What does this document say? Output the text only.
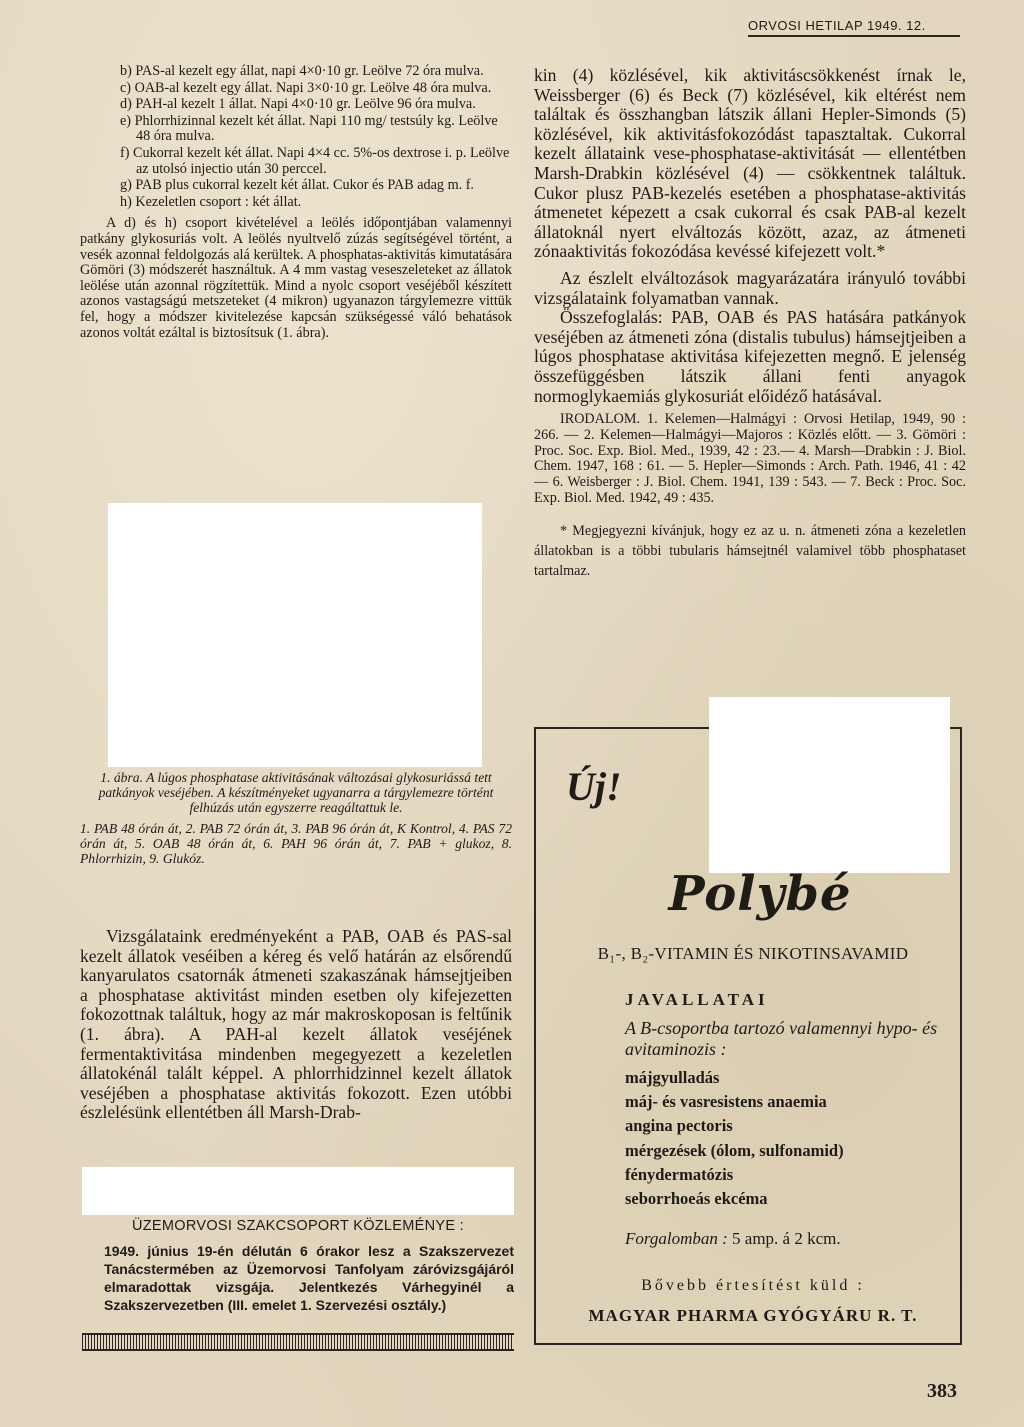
ORVOSI HETILAP 1949. 12.

b) PAS-al kezelt egy állat, napi 4×0·10 gr. Leölve 72 óra mulva.

c) OAB-al kezelt egy állat. Napi 3×0·10 gr. Leölve 48 óra mulva.

d) PAH-al kezelt 1 állat. Napi 4×0·10 gr. Leölve 96 óra mulva.

e) Phlorrhizinnal kezelt két állat. Napi 110 mg/ testsúly kg. Leölve 48 óra mulva.

f) Cukorral kezelt két állat. Napi 4×4 cc. 5%-os dextrose i. p. Leölve az utolsó injectio után 30 perccel.

g) PAB plus cukorral kezelt két állat. Cukor és PAB adag m. f.

h) Kezeletlen csoport : két állat.

A d) és h) csoport kivételével a leölés időpontjában valamennyi patkány glykosuriás volt. A leölés nyultvelő zúzás segítségével történt, a vesék azonnal feldolgozás alá kerültek. A phosphatas-aktivitás kimutatására Gömöri (3) módszerét használtuk. A 4 mm vastag veseszeleteket az állatok leölése után azonnal rögzítettük. Mind a nyolc csoport veséjéből készített azonos vastagságú metszeteket (4 mikron) ugyanazon tárgylemezre vittük fel, hogy a módszer kivitelezése kapcsán szükségessé váló behatások azonos voltát ezáltal is biztosítsuk (1. ábra).

1. ábra. A lúgos phosphatase aktivitásának változásai glykosuriássá tett patkányok veséjében. A készítményeket ugyanarra a tárgylemezre történt felhúzás után egyszerre reagáltattuk le.

1. PAB 48 órán át, 2. PAB 72 órán át, 3. PAB 96 órán át, K Kontrol, 4. PAS 72 órán át, 5. OAB 48 órán át, 6. PAH 96 órán át, 7. PAB + glukoz, 8. Phlorrhizin, 9. Glukóz.

Vizsgálataink eredményeként a PAB, OAB és PAS-sal kezelt állatok veséiben a kéreg és velő határán az elsőrendű kanyarulatos csatornák átmeneti szakaszának hámsejtjeiben a phosphatase aktivitást minden esetben oly kifejezetten fokozottnak találtuk, hogy az már makroskoposan is feltűnik (1. ábra). A PAH-al kezelt állatok veséjének fermentaktivitása mindenben megegyezett a kezeletlen állatokénál talált képpel. A phlorrhidzinnel kezelt állatok veséjében a phosphatase aktivitás fokozott. Ezen utóbbi észlelésünk ellentétben áll Marsh-Drab-

ÜZEMORVOSI SZAKCSOPORT KÖZLEMÉNYE :

1949. június 19-én délután 6 órakor lesz a Szakszervezet Tanácstermében az Üzemorvosi Tanfolyam záróvizsgájáról elmaradottak vizsgája. Jelentkezés Várhegyinél a Szakszervezetben (III. emelet 1. Szervezési osztály.)

kin (4) közlésével, kik aktivitáscsökkenést írnak le, Weissberger (6) és Beck (7) közlésével, kik eltérést nem találtak és összhangban látszik állani Hepler-Simonds (5) közlésével, kik aktivitásfokozódást tapasztaltak. Cukorral kezelt állataink vese-phosphatase-aktivitását — ellentétben Marsh-Drabkin közlésével (4) — csökkentnek találtuk. Cukor plusz PAB-kezelés esetében a phosphatase-aktivitás átmenetet képezett a csak cukorral és csak PAB-al kezelt állatoknál nyert elváltozás között, azaz, az átmeneti zónaaktivitás fokozódása kevéssé kifejezett volt.*

Az észlelt elváltozások magyarázatára irányuló további vizsgálataink folyamatban vannak.

Összefoglalás: PAB, OAB és PAS hatására patkányok veséjében az átmeneti zóna (distalis tubulus) hámsejtjeiben a lúgos phosphatase aktivitása kifejezetten megnő. E jelenség összefüggésben látszik állani fenti anyagok normoglykaemiás glykosuriát előidéző hatásával.

IRODALOM. 1. Kelemen—Halmágyi : Orvosi Hetilap, 1949, 90 : 266. — 2. Kelemen—Halmágyi—Majoros : Közlés előtt. — 3. Gömöri : Proc. Soc. Exp. Biol. Med., 1939, 42 : 23.— 4. Marsh—Drabkin : J. Biol. Chem. 1947, 168 : 61. — 5. Hepler—Simonds : Arch. Path. 1946, 41 : 42 — 6. Weisberger : J. Biol. Chem. 1941, 139 : 543. — 7. Beck : Proc. Soc. Exp. Biol. Med. 1942, 49 : 435.

* Megjegyezni kívánjuk, hogy ez az u. n. átmeneti zóna a kezeletlen állatokban is a többi tubularis hámsejtnél valamivel több phosphataset tartalmaz.

Új!

Polybé

B₁-, B₂-VITAMIN ÉS NIKOTINSAVAMID

JAVALLATAI

A B-csoportba tartozó valamennyi hypo- és avitaminozis :

májgyulladás
máj- és vasresistens anaemia
angina pectoris
mérgezések (ólom, sulfonamid)
fénydermatózis
seborrhoeás ekcéma

Forgalomban : 5 amp. á 2 kcm.

Bővebb értesítést küld :

MAGYAR PHARMA GYÓGYÁRU R. T.

383
